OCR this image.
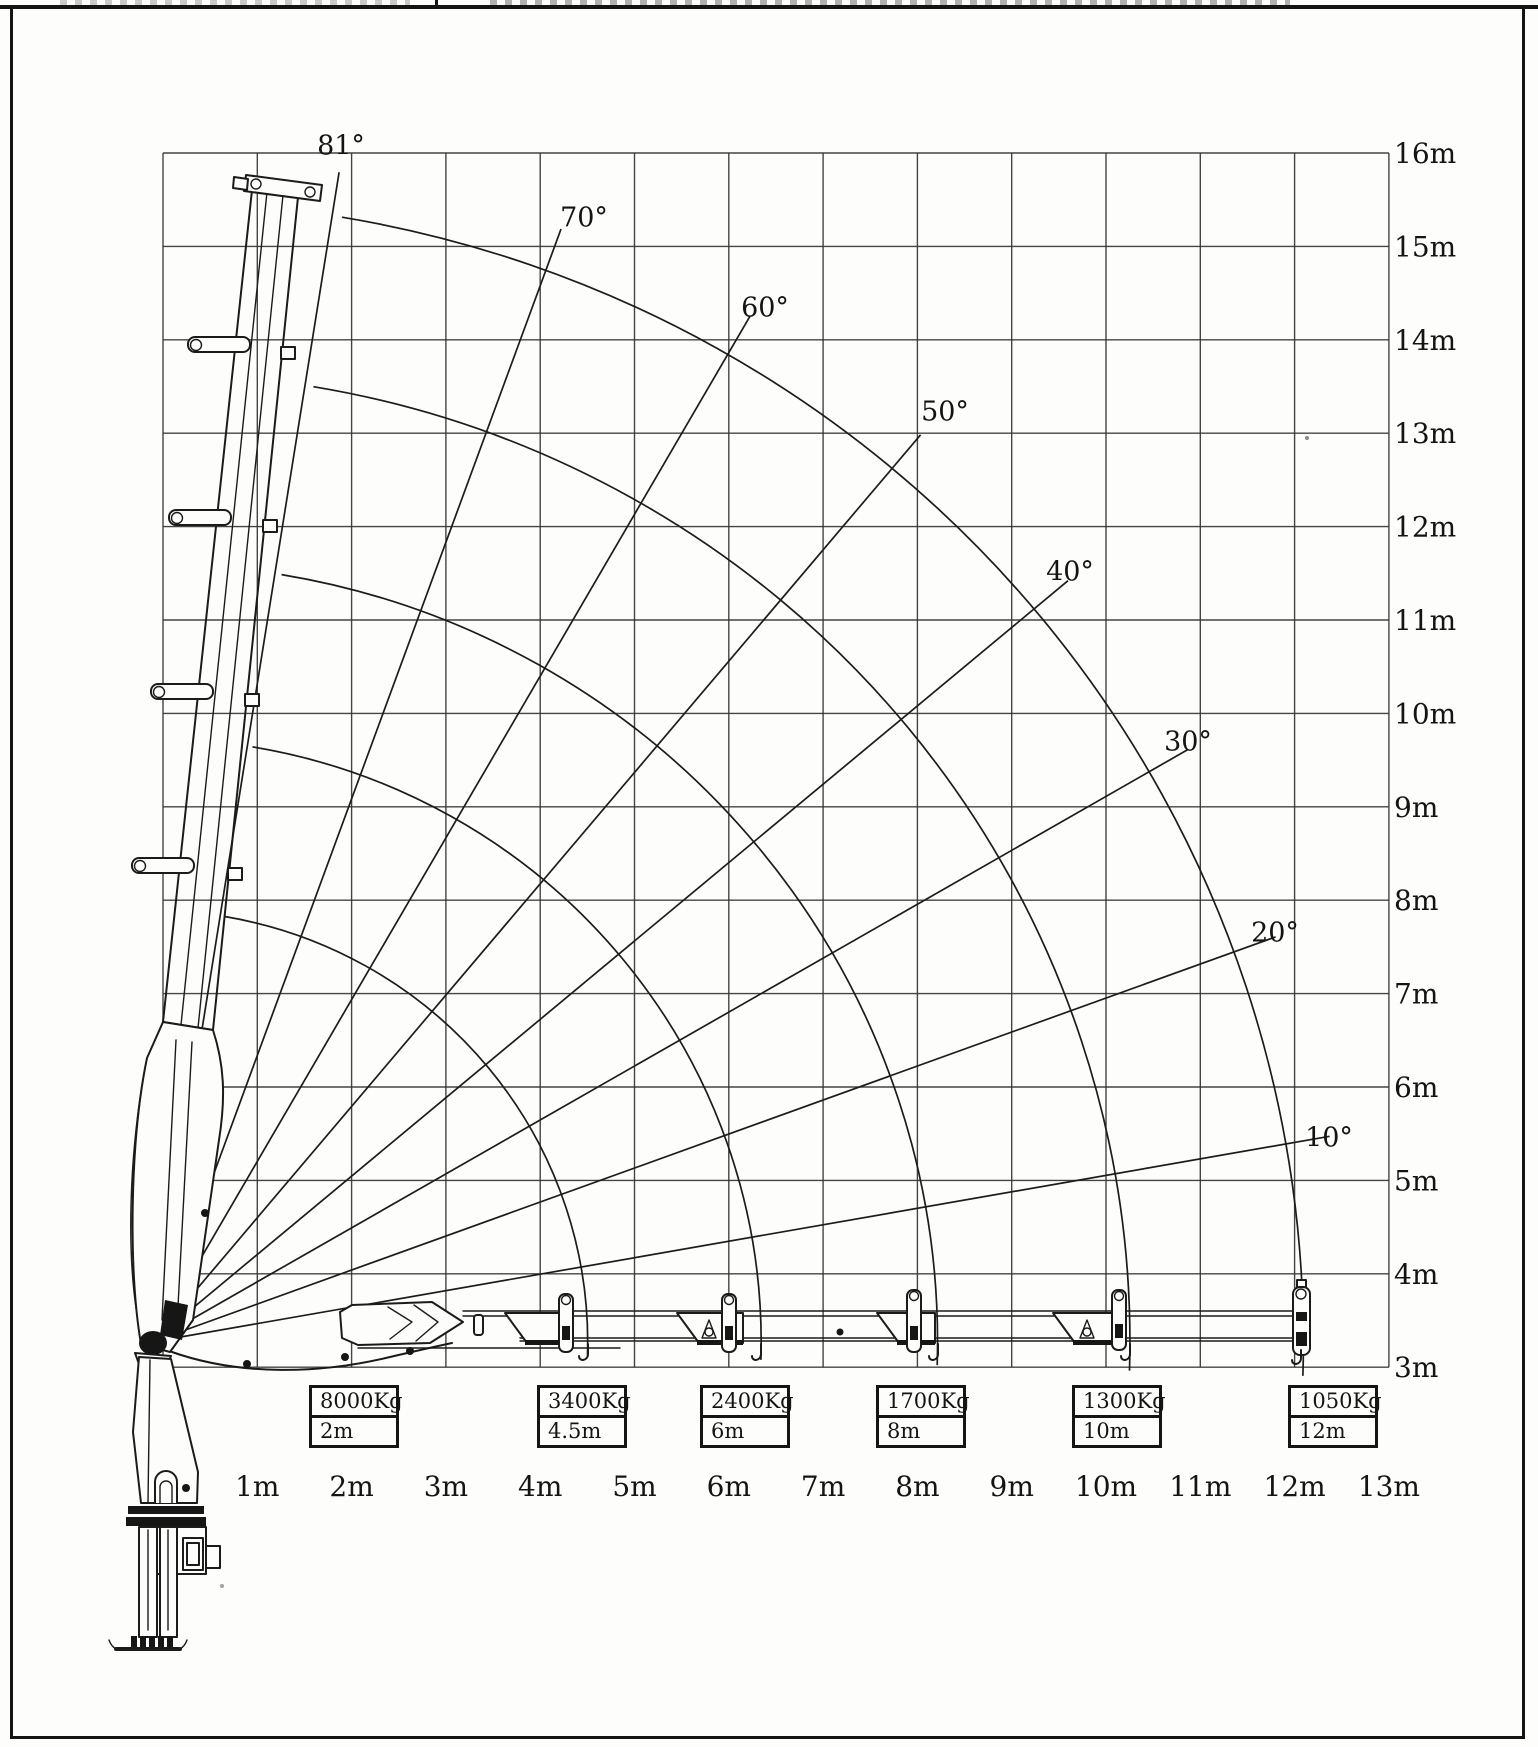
16m
15m
14m
13m
12m
11m
10m
9m
8m
7m
6m
5m
4m
3m
1m 2m 3m 4m 5m 6m 7m 8m 9m 10m 11m 12m 13m
81°
70°
60°
50°
40°
30°
20°
10°
8000Kg
2m
3400Kg
4.5m
2400Kg
6m
1700Kg
8m
1300Kg
10m
1050Kg
12m
